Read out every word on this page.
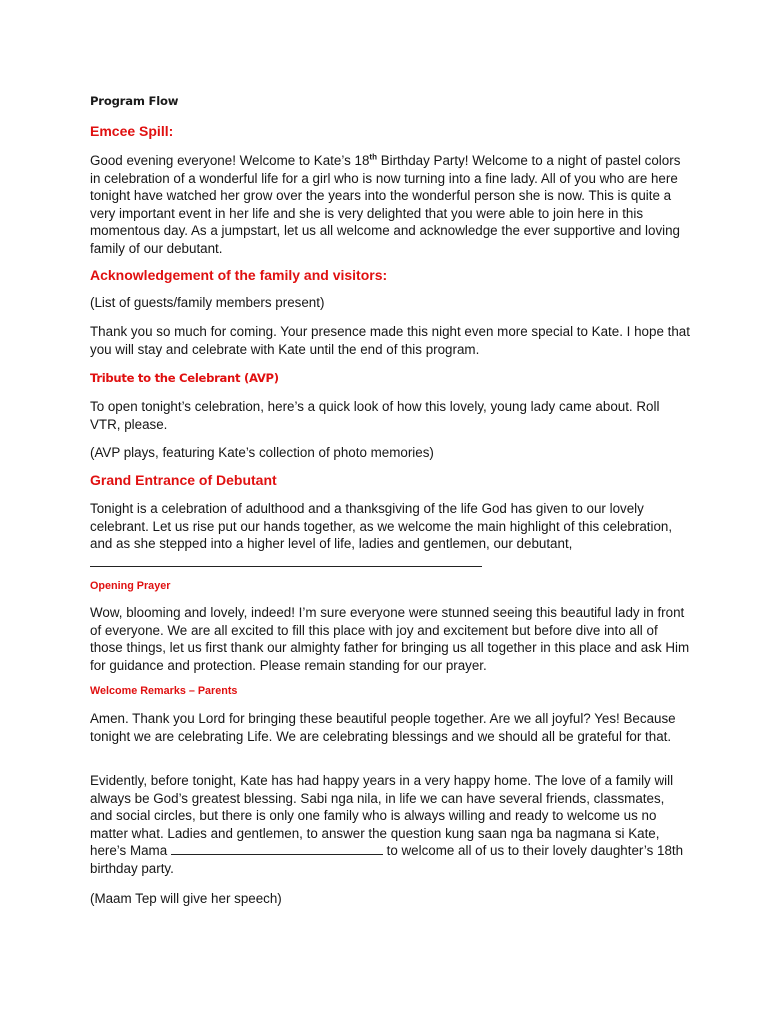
Program Flow
Emcee Spill:

Good evening everyone! Welcome to Kate’s 18th Birthday Party! Welcome to a night of pastel colors in celebration of a wonderful life for a girl who is now turning into a fine lady. All of you who are here tonight have watched her grow over the years into the wonderful person she is now. This is quite a very important event in her life and she is very delighted that you were able to join here in this momentous day. As a jumpstart, let us all welcome and acknowledge the ever supportive and loving family of our debutant.

Acknowledgement of the family and visitors:

(List of guests/family members present)

Thank you so much for coming. Your presence made this night even more special to Kate. I hope that you will stay and celebrate with Kate until the end of this program.

Tribute to the Celebrant (AVP)

To open tonight’s celebration, here’s a quick look of how this lovely, young lady came about. Roll VTR, please.

(AVP plays, featuring Kate’s collection of photo memories)

Grand Entrance of Debutant

Tonight is a celebration of adulthood and a thanksgiving of the life God has given to our lovely celebrant. Let us rise put our hands together, as we welcome the main highlight of this celebration, and as she stepped into a higher level of life, ladies and gentlemen, our debutant,

Opening Prayer

Wow, blooming and lovely, indeed! I’m sure everyone were stunned seeing this beautiful lady in front of everyone. We are all excited to fill this place with joy and excitement but before dive into all of those things, let us first thank our almighty father for bringing us all together in this place and ask Him for guidance and protection. Please remain standing for our prayer.

Welcome Remarks – Parents

Amen. Thank you Lord for bringing these beautiful people together. Are we all joyful? Yes! Because tonight we are celebrating Life. We are celebrating blessings and we should all be grateful for that.

Evidently, before tonight, Kate has had happy years in a very happy home. The love of a family will always be God’s greatest blessing. Sabi nga nila, in life we can have several friends, classmates, and social circles, but there is only one family who is always willing and ready to welcome us no matter what. Ladies and gentlemen, to answer the question kung saan nga ba nagmana si Kate, here’s Mama	to welcome all of us to their lovely daughter’s 18th birthday party.

(Maam Tep will give her speech)
